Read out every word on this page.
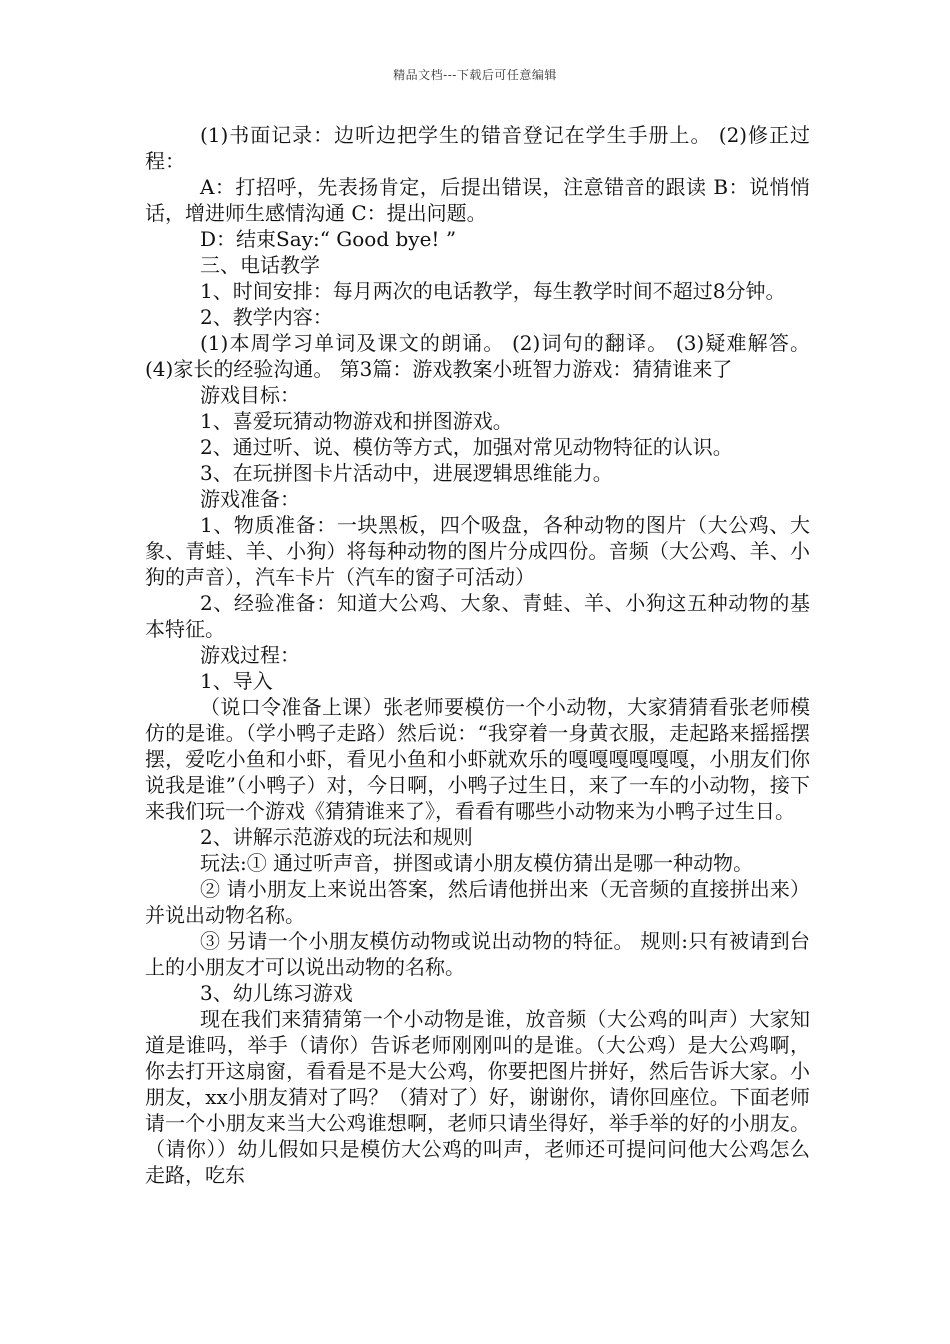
精品文档---下载后可任意编辑

(1)书面记录：边听边把学生的错音登记在学生手册上。 (2)修正过程：

A：打招呼，先表扬肯定，后提出错误，注意错音的跟读 B：说悄悄话，增进师生感情沟通 C：提出问题。

D：结束Say:“ Good bye! ”

三、电话教学

1、时间安排：每月两次的电话教学，每生教学时间不超过8分钟。

2、教学内容：

(1)本周学习单词及课文的朗诵。 (2)词句的翻译。 (3)疑难解答。 (4)家长的经验沟通。 第3篇：游戏教案小班智力游戏：猜猜谁来了

游戏目标：

1、喜爱玩猜动物游戏和拼图游戏。

2、通过听、说、模仿等方式，加强对常见动物特征的认识。

3、在玩拼图卡片活动中，进展逻辑思维能力。

游戏准备：

1、物质准备：一块黑板，四个吸盘，各种动物的图片（大公鸡、大象、青蛙、羊、小狗）将每种动物的图片分成四份。音频（大公鸡、羊、小狗的声音），汽车卡片（汽车的窗子可活动）

2、经验准备：知道大公鸡、大象、青蛙、羊、小狗这五种动物的基本特征。

游戏过程：

1、导入

（说口令准备上课）张老师要模仿一个小动物，大家猜猜看张老师模仿的是谁。（学小鸭子走路）然后说：“我穿着一身黄衣服，走起路来摇摇摆摆，爱吃小鱼和小虾，看见小鱼和小虾就欢乐的嘎嘎嘎嘎嘎嘎，小朋友们你说我是谁”（小鸭子）对，今日啊，小鸭子过生日，来了一车的小动物，接下来我们玩一个游戏《猜猜谁来了》，看看有哪些小动物来为小鸭子过生日。

2、讲解示范游戏的玩法和规则

玩法:① 通过听声音，拼图或请小朋友模仿猜出是哪一种动物。

② 请小朋友上来说出答案，然后请他拼出来（无音频的直接拼出来）并说出动物名称。

③ 另请一个小朋友模仿动物或说出动物的特征。 规则:只有被请到台上的小朋友才可以说出动物的名称。

3、幼儿练习游戏

现在我们来猜猜第一个小动物是谁，放音频（大公鸡的叫声）大家知道是谁吗，举手（请你）告诉老师刚刚叫的是谁。（大公鸡）是大公鸡啊，你去打开这扇窗，看看是不是大公鸡，你要把图片拼好，然后告诉大家。小朋友，xx小朋友猜对了吗？（猜对了）好，谢谢你，请你回座位。下面老师请一个小朋友来当大公鸡谁想啊，老师只请坐得好，举手举的好的小朋友。（请你））幼儿假如只是模仿大公鸡的叫声，老师还可提问问他大公鸡怎么走路，吃东
